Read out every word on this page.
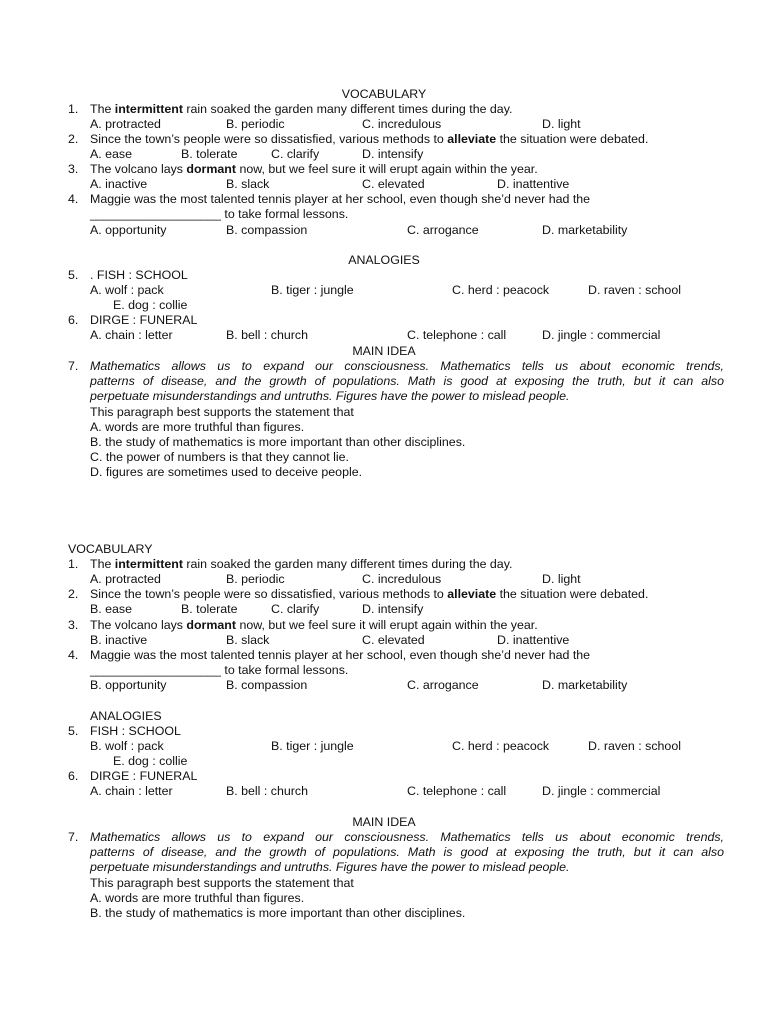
VOCABULARY
1. The intermittent rain soaked the garden many different times during the day.
A. protracted	B. periodic	C. incredulous	D. light
2. Since the town’s people were so dissatisfied, various methods to alleviate the situation were debated.
A. ease	B. tolerate	C. clarify	D. intensify
3. The volcano lays dormant now, but we feel sure it will erupt again within the year.
A. inactive	B. slack	C. elevated	D. inattentive
4. Maggie was the most talented tennis player at her school, even though she’d never had the
___________________ to take formal lessons.
A. opportunity	B. compassion	C. arrogance	D. marketability
ANALOGIES
5. . FISH : SCHOOL
A. wolf : pack	B. tiger : jungle	C. herd : peacock	D. raven : school
E. dog : collie
6. DIRGE : FUNERAL
A. chain : letter	B. bell : church	C. telephone : call	D. jingle : commercial
MAIN IDEA
7. Mathematics allows us to expand our consciousness. Mathematics tells us about economic trends,
patterns of disease, and the growth of populations. Math is good at exposing the truth, but it can also
perpetuate misunderstandings and untruths. Figures have the power to mislead people.
This paragraph best supports the statement that
A. words are more truthful than figures.
B. the study of mathematics is more important than other disciplines.
C. the power of numbers is that they cannot lie.
D. figures are sometimes used to deceive people.
VOCABULARY
1. The intermittent rain soaked the garden many different times during the day.
A. protracted	B. periodic	C. incredulous	D. light
2. Since the town’s people were so dissatisfied, various methods to alleviate the situation were debated.
B. ease	B. tolerate	C. clarify	D. intensify
3. The volcano lays dormant now, but we feel sure it will erupt again within the year.
B. inactive	B. slack	C. elevated	D. inattentive
4. Maggie was the most talented tennis player at her school, even though she’d never had the
___________________ to take formal lessons.
B. opportunity	B. compassion	C. arrogance	D. marketability
ANALOGIES
5. FISH : SCHOOL
B. wolf : pack	B. tiger : jungle	C. herd : peacock	D. raven : school
E. dog : collie
6. DIRGE : FUNERAL
A. chain : letter	B. bell : church	C. telephone : call	D. jingle : commercial
MAIN IDEA
7. Mathematics allows us to expand our consciousness. Mathematics tells us about economic trends,
patterns of disease, and the growth of populations. Math is good at exposing the truth, but it can also
perpetuate misunderstandings and untruths. Figures have the power to mislead people.
This paragraph best supports the statement that
A. words are more truthful than figures.
B. the study of mathematics is more important than other disciplines.
